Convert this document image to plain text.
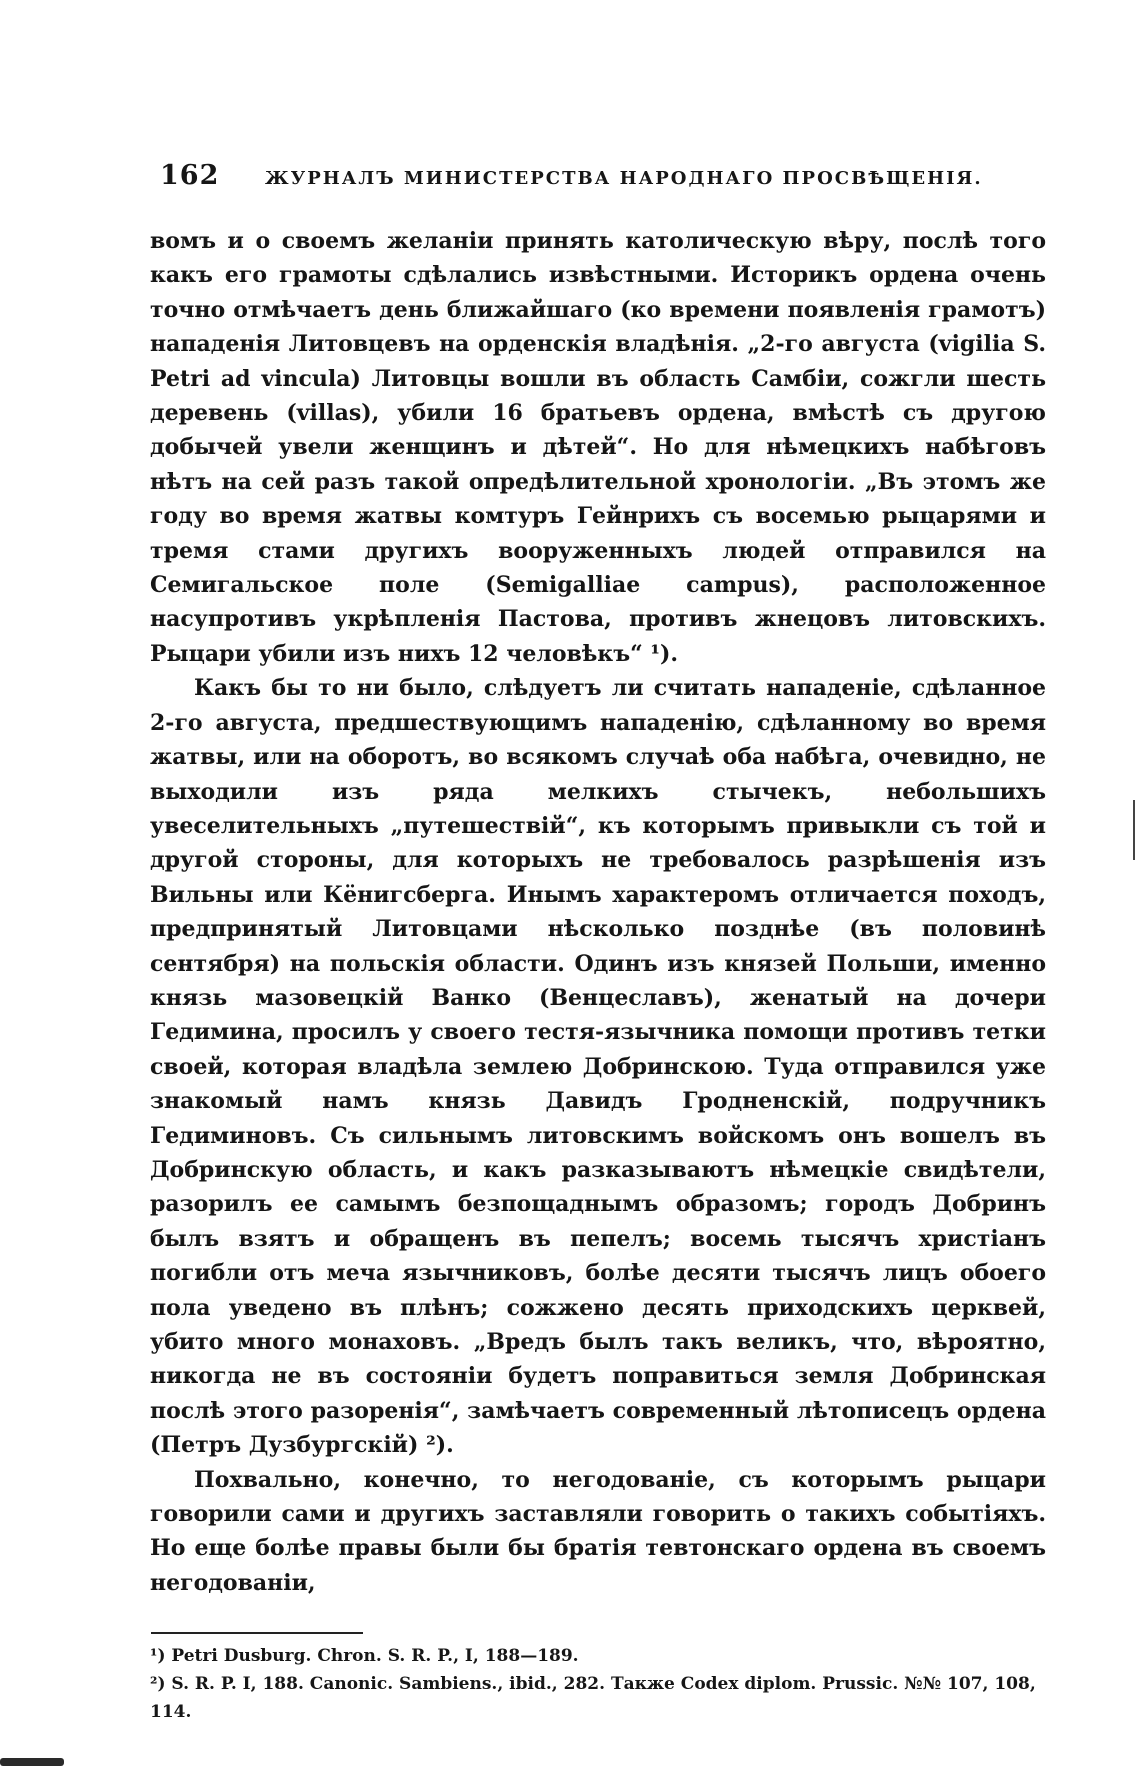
162	ЖУРНАЛЪ МИНИСТЕРСТВА НАРОДНАГО ПРОСВѢЩЕНІЯ.

вомъ и о своемъ желаніи принять католическую вѣру, послѣ того какъ его грамоты сдѣлались извѣстными. Историкъ ордена очень точно отмѣчаетъ день ближайшаго (ко времени появленія грамотъ) нападенія Литовцевъ на орденскія владѣнія. „2-го августа (vigilia S. Petri ad vincula) Литовцы вошли въ область Самбіи, сожгли шесть деревень (villas), убили 16 братьевъ ордена, вмѣстѣ съ другою добычей увели женщинъ и дѣтей“. Но для нѣмецкихъ набѣговъ нѣтъ на сей разъ такой опредѣлительной хронологіи. „Въ этомъ же году во время жатвы комтуръ Гейнрихъ съ восемью рыцарями и тремя стами другихъ вооруженныхъ людей отправился на Семигальское поле (Semigalliae campus), расположенное насупротивъ укрѣпленія Пастова, противъ жнецовъ литовскихъ. Рыцари убили изъ нихъ 12 человѣкъ“ ¹).

Какъ бы то ни было, слѣдуетъ ли считать нападеніе, сдѣланное 2-го августа, предшествующимъ нападенію, сдѣланному во время жатвы, или на оборотъ, во всякомъ случаѣ оба набѣга, очевидно, не выходили изъ ряда мелкихъ стычекъ, небольшихъ увеселительныхъ „путешествій“, къ которымъ привыкли съ той и другой стороны, для которыхъ не требовалось разрѣшенія изъ Вильны или Кёнигсберга. Инымъ характеромъ отличается походъ, предпринятый Литовцами нѣсколько позднѣе (въ половинѣ сентября) на польскія области. Одинъ изъ князей Польши, именно князь мазовецкій Ванко (Венцеславъ), женатый на дочери Гедимина, просилъ у своего тестя-язычника помощи противъ тетки своей, которая владѣла землею Добринскою. Туда отправился уже знакомый намъ князь Давидъ Гродненскій, подручникъ Гедиминовъ. Съ сильнымъ литовскимъ войскомъ онъ вошелъ въ Добринскую область, и какъ разказываютъ нѣмецкіе свидѣтели, разорилъ ее самымъ безпощаднымъ образомъ; городъ Добринъ былъ взятъ и обращенъ въ пепелъ; восемь тысячъ христіанъ погибли отъ меча язычниковъ, болѣе десяти тысячъ лицъ обоего пола уведено въ плѣнъ; сожжено десять приходскихъ церквей, убито много монаховъ. „Вредъ былъ такъ великъ, что, вѣроятно, никогда не въ состояніи будетъ поправиться земля Добринская послѣ этого разоренія“, замѣчаетъ современный лѣтописецъ ордена (Петръ Дузбургскій) ²).

Похвально, конечно, то негодованіе, съ которымъ рыцари говорили сами и другихъ заставляли говорить о такихъ событіяхъ. Но еще болѣе правы были бы братія тевтонскаго ордена въ своемъ негодованіи,

¹) Petri Dusburg. Chron. S. R. P., I, 188—189.
²) S. R. P. I, 188. Canonic. Sambiens., ibid., 282. Также Codex diplom. Prussic. №№ 107, 108, 114.
